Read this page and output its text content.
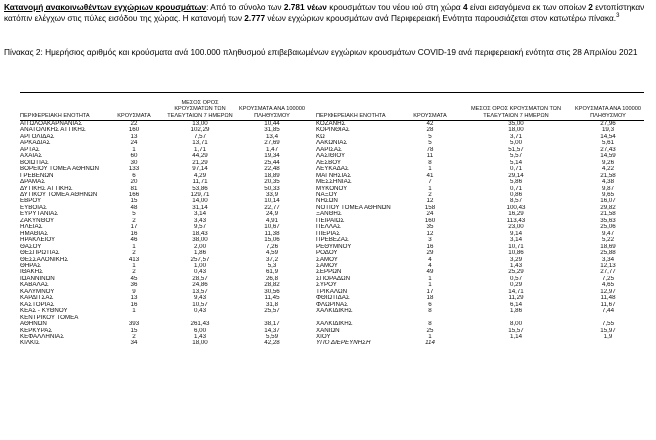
Κατανομή ανακοινωθέντων εγχώριων κρουσμάτων: Από το σύνολο των 2.781 νέων κρουσμάτων του νέου ιού στη χώρα 4 είναι εισαγόμενα εκ των οποίων 2 εντοπίστηκαν κατόπιν ελέγχων στις πύλες εισόδου της χώρας. Η κατανομή των 2.777 νέων εγχώριων κρουσμάτων ανά Περιφερειακή Ενότητα παρουσιάζεται στον κατωτέρω πίνακα.$^3$
Πίνακας 2: Ημερήσιος αριθμός και κρούσματα ανά 100.000 πληθυσμού επιβεβαιωμένων εγχώριων κρουσμάτων COVID-19 ανά περιφερειακή ενότητα στις 28 Απριλίου 2021
ΠΕΡΙΦΕΡΕΙΑΚΗ ΕΝΟΤΗΤΑ	ΚΡΟΥΣΜΑΤΑ	ΜΕΣΟΣ ΟΡΟΣ ΚΡΟΥΣΜΑΤΩΝ ΤΩΝ ΤΕΛΕΥΤΑΙΩΝ 7 ΗΜΕΡΩΝ	ΚΡΟΥΣΜΑΤΑ ΑΝΑ 100000 ΠΛΗΘΥΣΜΟΥ		ΠΕΡΙΦΕΡΕΙΑΚΗ ΕΝΟΤΗΤΑ	ΚΡΟΥΣΜΑΤΑ	ΜΕΣΟΣ ΟΡΟΣ ΚΡΟΥΣΜΑΤΩΝ ΤΩΝ ΤΕΛΕΥΤΑΙΩΝ 7 ΗΜΕΡΩΝ	ΚΡΟΥΣΜΑΤΑ ΑΝΑ 100000 ΠΛΗΘΥΣΜΟΥ
ΑΙΤΩΛΟΑΚΑΡΝΑΝΙΑΣ	22	13,00	10,44		ΚΟΖΑΝΗΣ	42	35,00	27,96
ΑΝΑΤΟΛΙΚΗΣ ΑΤΤΙΚΗΣ	160	102,29	31,85		ΚΟΡΙΝΘΙΑΣ	28	18,00	19,3
ΑΡΓΟΛΙΔΑΣ	13	7,57	13,4		ΚΩ	5	3,71	14,54
ΑΡΚΑΔΙΑΣ	24	13,71	27,69		ΛΑΚΩΝΙΑΣ	5	5,00	5,61
ΑΡΤΑΣ	1	1,71	1,47		ΛΑΡΙΣΑΣ	78	51,57	27,43
ΑΧΑΪΑΣ	60	44,29	19,34		ΛΑΣΙΘΙΟΥ	11	5,57	14,59
ΒΟΙΩΤΙΑΣ	30	21,29	25,44		ΛΕΣΒΟΥ	8	5,14	9,26
ΒΟΡΕΙΟΥ ΤΟΜΕΑ ΑΘΗΝΩΝ	133	97,14	22,48		ΛΕΥΚΑΔΑΣ	1	0,71	4,22
ΓΡΕΒΕΝΩΝ	6	4,29	18,89		ΜΑΓΝΗΣΙΑΣ	41	29,14	21,58
ΔΡΑΜΑΣ	20	11,71	20,35		ΜΕΣΣΗΝΙΑΣ	7	5,86	4,38
ΔΥΤΙΚΗΣ ΑΤΤΙΚΗΣ	81	53,86	50,33		ΜΥΚΟΝΟΥ	1	0,71	9,87
ΔΥΤΙΚΟΥ ΤΟΜΕΑ ΑΘΗΝΩΝ	166	129,71	33,9		ΝΑΞΟΥ	2	0,86	9,65
ΕΒΡΟΥ	15	14,00	10,14		ΝΗΣΩΝ	12	8,57	16,07
ΕΥΒΟΙΑΣ	48	31,14	22,77		ΝΟΤΙΟΥ ΤΟΜΕΑ ΑΘΗΝΩΝ	158	100,43	29,82
ΕΥΡΥΤΑΝΙΑΣ	5	3,14	24,9		ΞΑΝΘΗΣ	24	16,29	21,58
ΖΑΚΥΝΘΟΥ	2	3,43	4,91		ΠΕΙΡΑΙΩΣ	160	113,43	35,63
ΗΛΕΙΑΣ	17	9,57	10,67		ΠΕΛΛΑΣ	35	23,00	25,06
ΗΜΑΘΙΑΣ	16	18,43	11,38		ΠΙΕΡΙΑΣ	12	9,14	9,47
ΗΡΑΚΛΕΙΟΥ	46	38,00	15,06		ΠΡΕΒΕΖΑΣ	3	3,14	5,22
ΘΑΣΟΥ	1	2,00	7,26		ΡΕΘΥΜΝΟΥ	16	10,71	18,69
ΘΕΣΠΡΩΤΙΑΣ	2	1,86	4,59		ΡΟΔΟΥ	29	10,86	25,88
ΘΕΣΣΑΛΟΝΙΚΗΣ	413	257,57	37,2		ΣΑΜΟΥ	4	3,29	3,34
ΘΗΡΑΣ	1	1,00	5,3		ΣΑΜΟΥ	4	1,43	12,13
ΙΘΑΚΗΣ	2	0,43	61,9		ΣΕΡΡΩΝ	49	25,29	27,77
ΙΩΑΝΝΙΝΩΝ	45	28,57	26,8		ΣΠΟΡΑΔΩΝ	1	0,57	7,25
ΚΑΒΑΛΑΣ	36	24,86	28,82		ΣΥΡΟΥ	1	0,29	4,65
ΚΑΛΥΜΝΟΥ	9	13,57	30,56		ΤΡΙΚΑΛΩΝ	17	14,71	12,97
ΚΑΡΔΙΤΣΑΣ	13	9,43	11,45		ΦΘΙΩΤΙΔΑΣ	18	11,29	11,48
ΚΑΣΤΟΡΙΑΣ	16	10,57	31,8		ΦΛΩΡΙΝΑΣ	6	6,14	11,67
ΚΕΑΣ - ΚΥΘΝΟΥ	1	0,43	25,57		ΧΑΛΚΙΔΙΚΗΣ	8	1,86	7,44
ΚΕΝΤΡΙΚΟΥ ΤΟΜΕΑ								
ΑΘΗΝΩΝ	393	261,43	38,17		ΧΑΛΚΙΔΙΚΗΣ	8	8,00	7,55
ΚΕΡΚΥΡΑΣ	15	6,00	14,37		ΧΑΝΙΩΝ	25	15,57	15,97
ΚΕΦΑΛΛΗΝΙΑΣ	2	1,43	5,59		ΧΙΟΥ	1	1,14	1,9
ΚΙΛΚΙΣ	34	18,00	42,28		ΥΠΟ ΔΙΕΡΕΥΝΗΣΗ	114		
